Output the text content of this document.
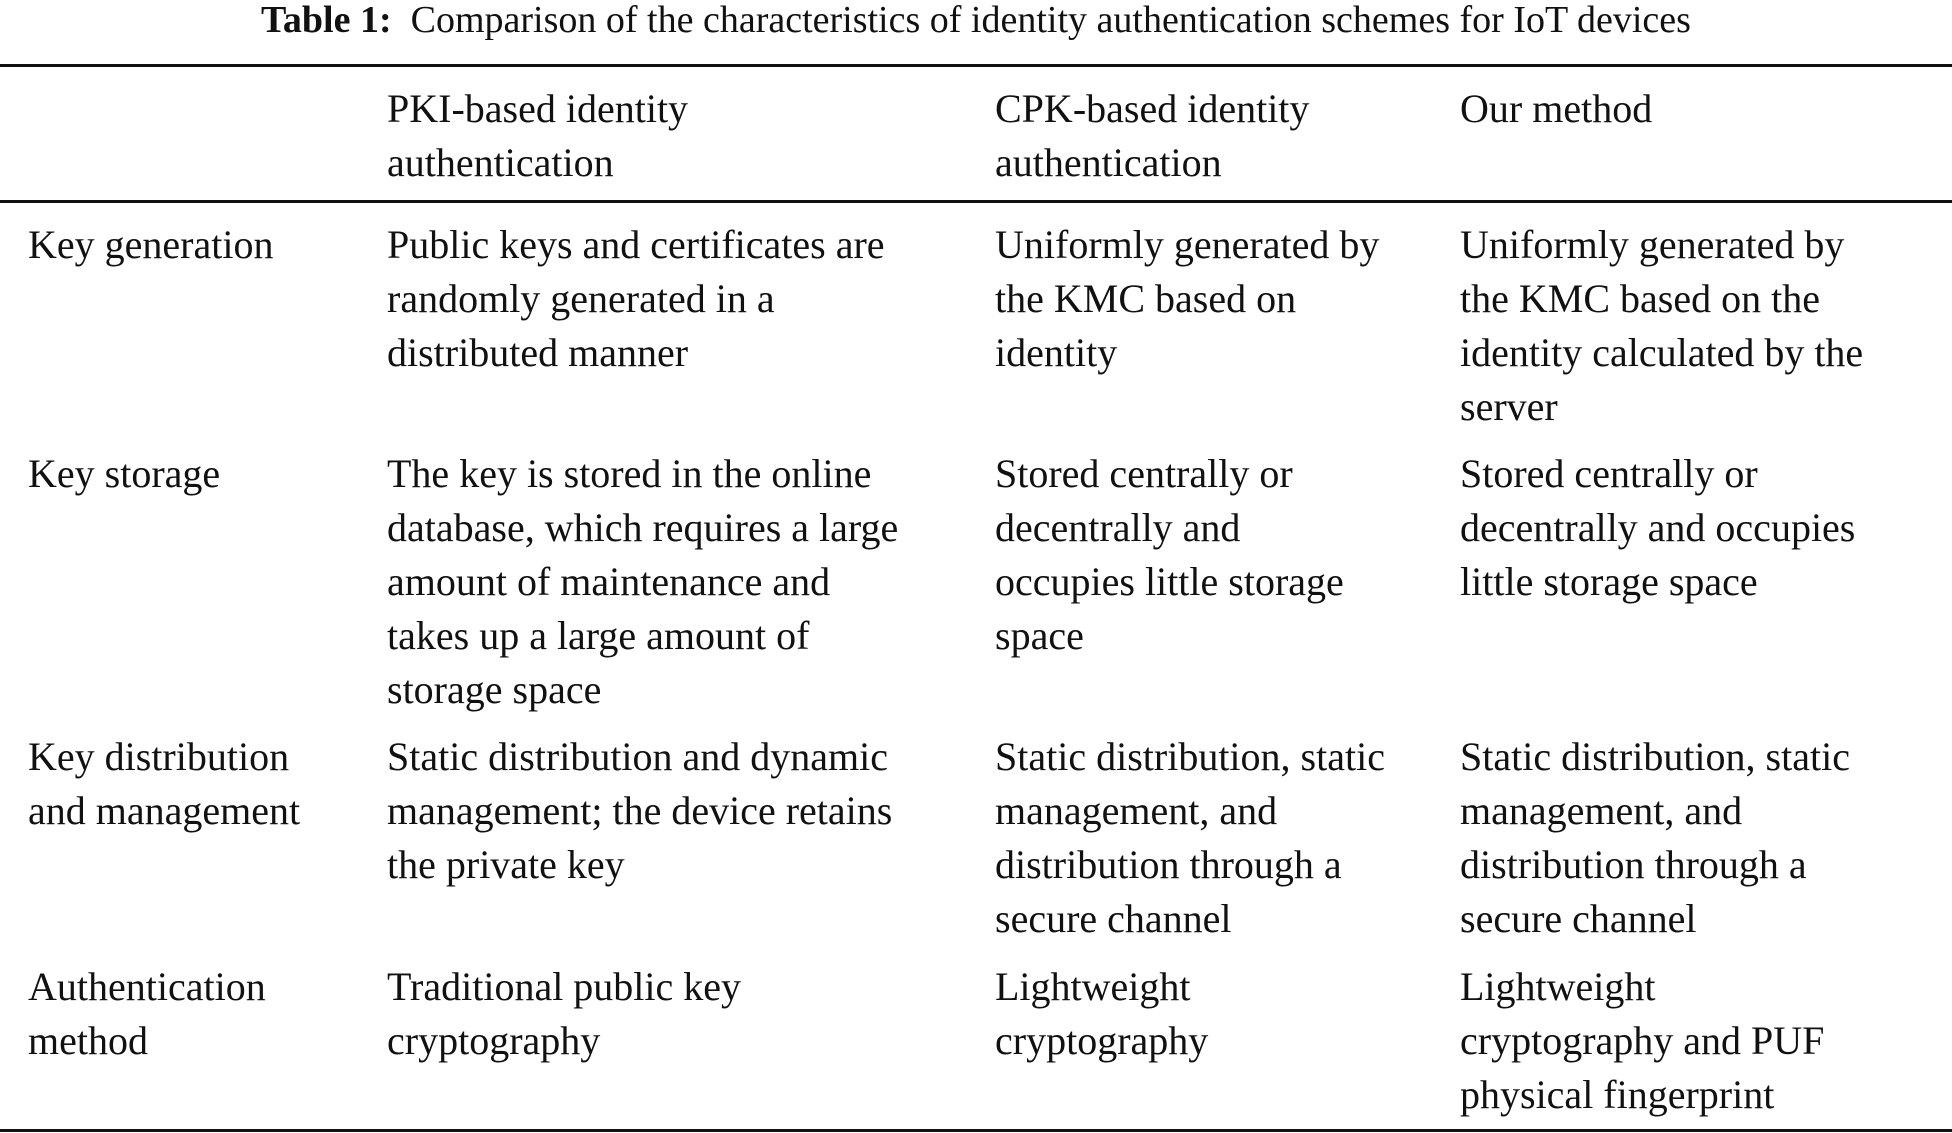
Table 1: Comparison of the characteristics of identity authentication schemes for IoT devices
PKI-based identity
authentication
CPK-based identity
authentication
Our method
Key generation	Public keys and certificates are
randomly generated in a
distributed manner
Uniformly generated by
the KMC based on
identity
Uniformly generated by
the KMC based on the
identity calculated by the
server
Key storage	The key is stored in the online
database, which requires a large
amount of maintenance and
takes up a large amount of
storage space
Stored centrally or
decentrally and
occupies little storage
space
Stored centrally or
decentrally and occupies
little storage space
Key distribution
and management
Static distribution and dynamic
management; the device retains
the private key
Static distribution, static
management, and
distribution through a
secure channel
Static distribution, static
management, and
distribution through a
secure channel
Authentication
method
Traditional public key
cryptography
Lightweight
cryptography
Lightweight
cryptography and PUF
physical fingerprint
